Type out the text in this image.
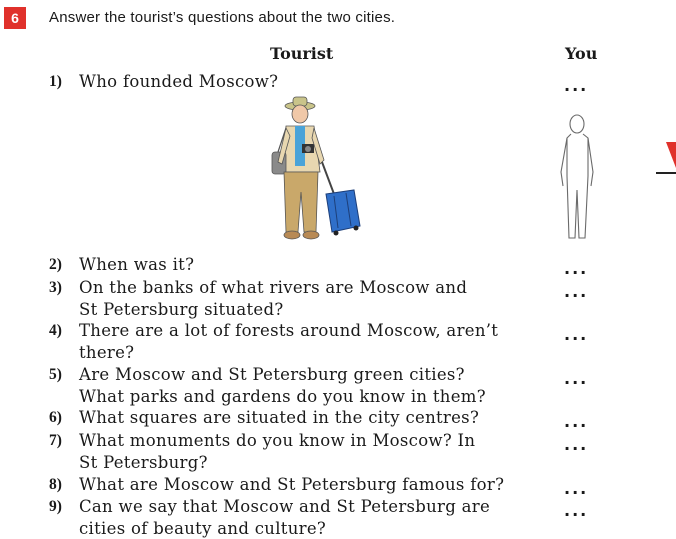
6	Answer the tourist’s questions about the two cities.
Tourist	You
1) Who founded Moscow?	...
2) When was it?	...
3) On the banks of what rivers are Moscow and
St Petersburg situated?
...
4) There are a lot of forests around Moscow, aren’t
there?
...
5) Are Moscow and St Petersburg green cities?
What parks and gardens do you know in them?
...
6) What squares are situated in the city centres?	...
7) What monuments do you know in Moscow? In
St Petersburg?
...
8) What are Moscow and St Petersburg famous for?	...
9) Can we say that Moscow and St Petersburg are
cities of beauty and culture?
...
